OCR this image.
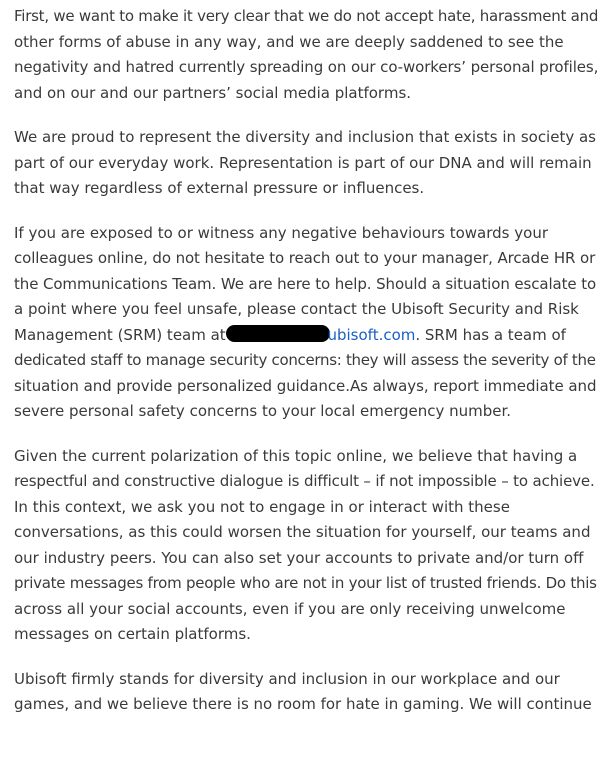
First, we want to make it very clear that we do not accept hate, harassment and
other forms of abuse in any way, and we are deeply saddened to see the
negativity and hatred currently spreading on our co-workers’ personal profiles,
and on our and our partners’ social media platforms.

We are proud to represent the diversity and inclusion that exists in society as
part of our everyday work. Representation is part of our DNA and will remain
that way regardless of external pressure or influences.

If you are exposed to or witness any negative behaviours towards your
colleagues online, do not hesitate to reach out to your manager, Arcade HR or
the Communications Team. We are here to help. Should a situation escalate to
a point where you feel unsafe, please contact the Ubisoft Security and Risk
Management (SRM) team at	ubisoft.com. SRM has a team of
dedicated staff to manage security concerns: they will assess the severity of the
situation and provide personalized guidance.As always, report immediate and
severe personal safety concerns to your local emergency number.

Given the current polarization of this topic online, we believe that having a
respectful and constructive dialogue is difficult – if not impossible – to achieve.
In this context, we ask you not to engage in or interact with these
conversations, as this could worsen the situation for yourself, our teams and
our industry peers. You can also set your accounts to private and/or turn off
private messages from people who are not in your list of trusted friends. Do this
across all your social accounts, even if you are only receiving unwelcome
messages on certain platforms.

Ubisoft firmly stands for diversity and inclusion in our workplace and our
games, and we believe there is no room for hate in gaming. We will continue
